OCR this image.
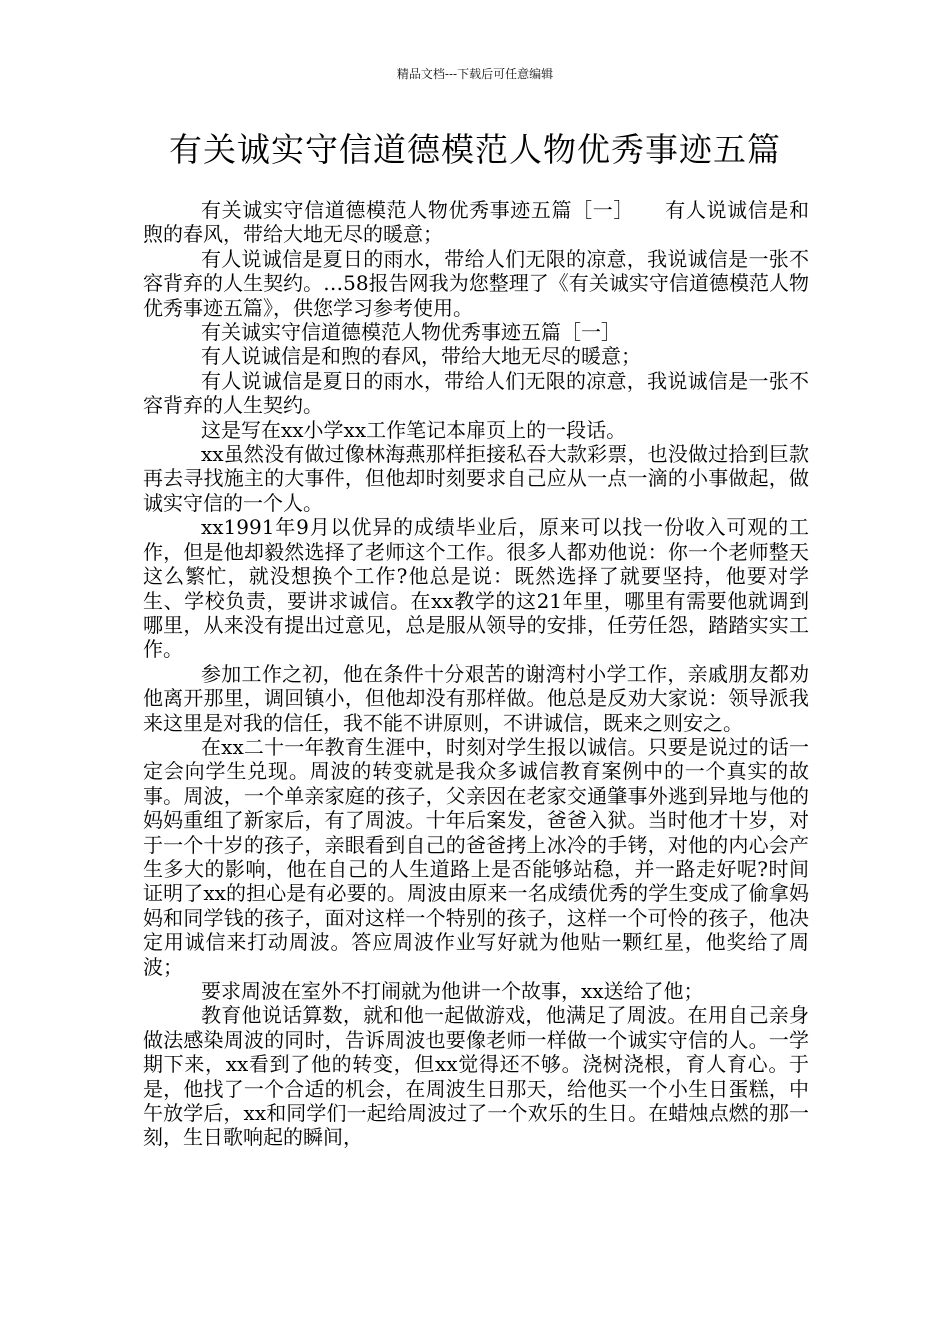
精品文档---下载后可任意编辑
有关诚实守信道德模范人物优秀事迹五篇

有关诚实守信道德模范人物优秀事迹五篇［一］　　有人说诚信是和煦的春风，带给大地无尽的暖意；

有人说诚信是夏日的雨水，带给人们无限的凉意，我说诚信是一张不容背弃的人生契约。…58报告网我为您整理了《有关诚实守信道德模范人物优秀事迹五篇》，供您学习参考使用。

有关诚实守信道德模范人物优秀事迹五篇［一］

有人说诚信是和煦的春风，带给大地无尽的暖意；

有人说诚信是夏日的雨水，带给人们无限的凉意，我说诚信是一张不容背弃的人生契约。

这是写在xx小学xx工作笔记本扉页上的一段话。

xx虽然没有做过像林海燕那样拒接私吞大款彩票，也没做过拾到巨款再去寻找施主的大事件，但他却时刻要求自己应从一点一滴的小事做起，做诚实守信的一个人。

xx1991年9月以优异的成绩毕业后，原来可以找一份收入可观的工作，但是他却毅然选择了老师这个工作。很多人都劝他说：你一个老师整天这么繁忙，就没想换个工作?他总是说：既然选择了就要坚持，他要对学生、学校负责，要讲求诚信。在xx教学的这21年里，哪里有需要他就调到哪里，从来没有提出过意见，总是服从领导的安排，任劳任怨，踏踏实实工作。

参加工作之初，他在条件十分艰苦的谢湾村小学工作，亲戚朋友都劝他离开那里，调回镇小，但他却没有那样做。他总是反劝大家说：领导派我来这里是对我的信任，我不能不讲原则，不讲诚信，既来之则安之。

在xx二十一年教育生涯中，时刻对学生报以诚信。只要是说过的话一定会向学生兑现。周波的转变就是我众多诚信教育案例中的一个真实的故事。周波，一个单亲家庭的孩子，父亲因在老家交通肇事外逃到异地与他的妈妈重组了新家后，有了周波。十年后案发，爸爸入狱。当时他才十岁，对于一个十岁的孩子，亲眼看到自己的爸爸拷上冰冷的手铐，对他的内心会产生多大的影响，他在自己的人生道路上是否能够站稳，并一路走好呢?时间证明了xx的担心是有必要的。周波由原来一名成绩优秀的学生变成了偷拿妈妈和同学钱的孩子，面对这样一个特别的孩子，这样一个可怜的孩子，他决定用诚信来打动周波。答应周波作业写好就为他贴一颗红星，他奖给了周波；

要求周波在室外不打闹就为他讲一个故事，xx送给了他；

教育他说话算数，就和他一起做游戏，他满足了周波。在用自己亲身做法感染周波的同时，告诉周波也要像老师一样做一个诚实守信的人。一学期下来，xx看到了他的转变，但xx觉得还不够。浇树浇根，育人育心。于是，他找了一个合适的机会，在周波生日那天，给他买一个小生日蛋糕，中午放学后，xx和同学们一起给周波过了一个欢乐的生日。在蜡烛点燃的那一刻，生日歌响起的瞬间，
